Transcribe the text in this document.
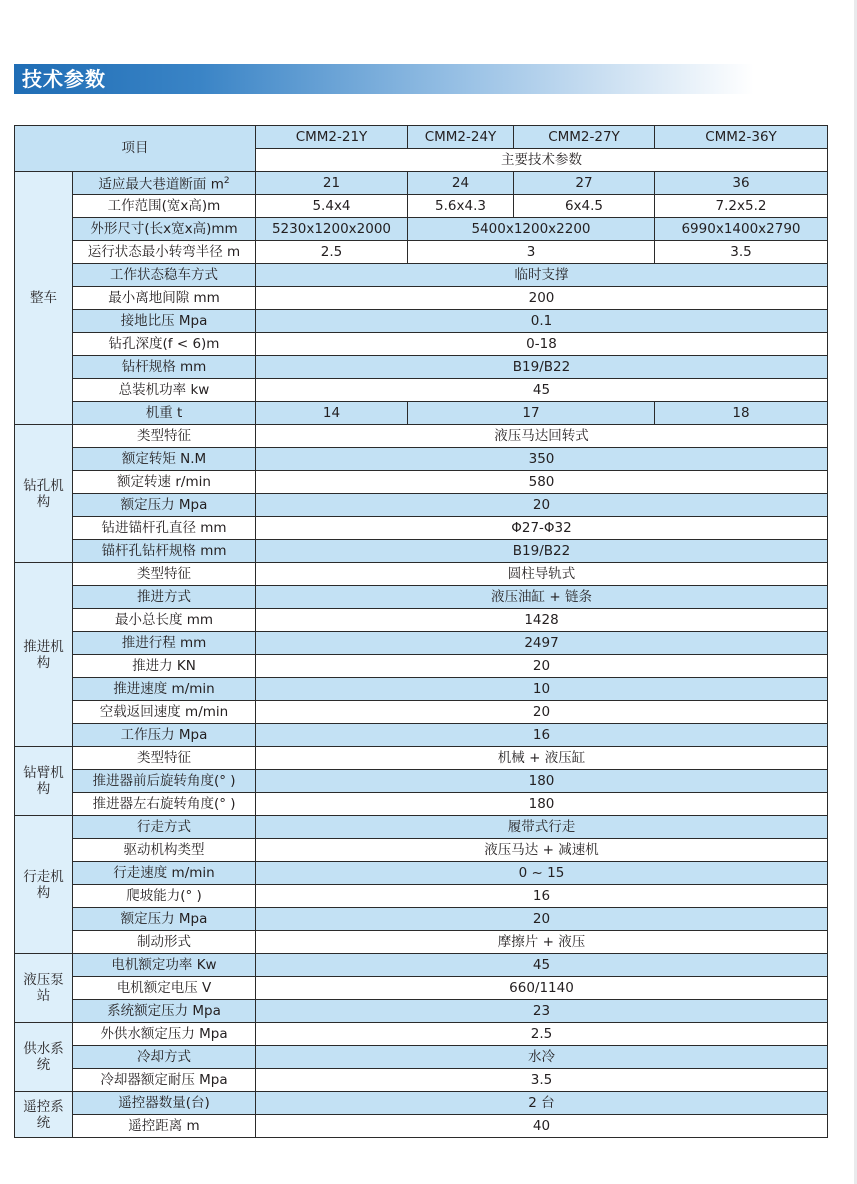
技术参数
项目		CMM2-21Y	CMM2-24Y	CMM2-27Y	CMM2-36Y
		主要技术参数			
整车	适应最大巷道断面 $m^2$	21	24	27	36
	工作范围(宽x高)m	5.4x4	5.6x4.3	6x4.5	7.2x5.2
	外形尺寸(长x宽x高)mm	5230x1200x2000	5400x1200x2200		6990x1400x2790
	运行状态最小转弯半径 m	2.5	3		3.5
	工作状态稳车方式	临时支撑			
	最小离地间隙 mm	200			
	接地比压 Mpa	0.1			
	钻孔深度(f < 6)m	0-18			
	钻杆规格 mm	B19/B22			
	总装机功率 kw	45			
	机重 t	14	17		18
钻孔机构	类型特征	液压马达回转式			
	额定转矩 N.M	350			
	额定转速 r/min	580			
	额定压力 Mpa	20			
	钻进锚杆孔直径 mm	Φ27-Φ32			
	锚杆孔钻杆规格 mm	B19/B22			
推进机构	类型特征	圆柱导轨式			
	推进方式	液压油缸 + 链条			
	最小总长度 mm	1428			
	推进行程 mm	2497			
	推进力 KN	20			
	推进速度 m/min	10			
	空载返回速度 m/min	20			
	工作压力 Mpa	16			
钻臂机构	类型特征	机械 + 液压缸			
	推进器前后旋转角度(° )	180			
	推进器左右旋转角度(° )	180			
行走机构	行走方式	履带式行走			
	驱动机构类型	液压马达 + 减速机			
	行走速度 m/min	0 ~ 15			
	爬坡能力(° )	16			
	额定压力 Mpa	20			
	制动形式	摩擦片 + 液压			
液压泵站	电机额定功率 Kw	45			
	电机额定电压 V	660/1140			
	系统额定压力 Mpa	23			
供水系统	外供水额定压力 Mpa	2.5			
	冷却方式	水冷			
	冷却器额定耐压 Mpa	3.5			
遥控系统	遥控器数量(台)	2 台			
	遥控距离 m	40			
